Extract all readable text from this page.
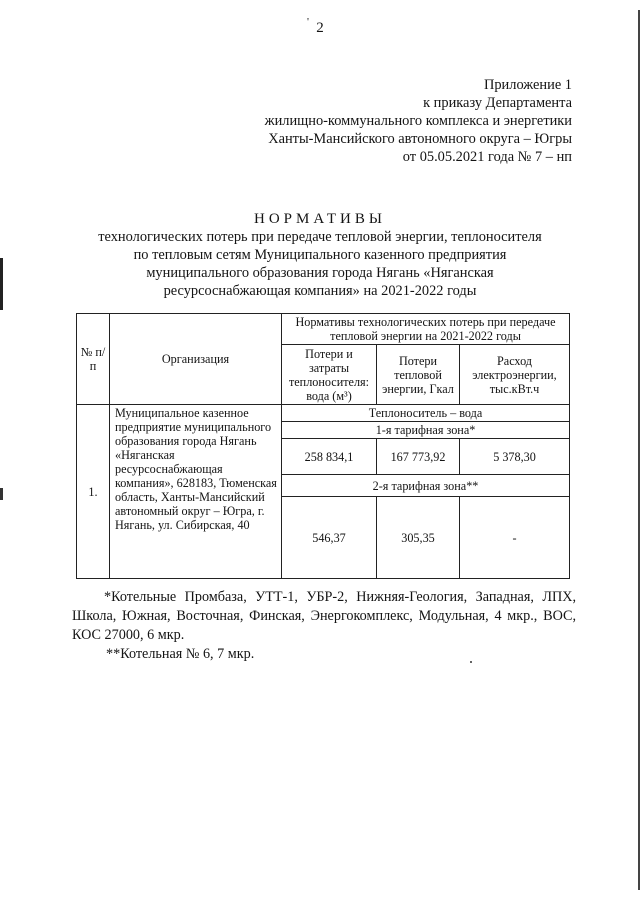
' 2
Приложение 1
к приказу Департамента
жилищно-коммунального комплекса и энергетики
Ханты-Мансийского автономного округа – Югры
от 05.05.2021 года № 7 – нп
НОРМАТИВЫ
технологических потерь при передаче тепловой энергии, теплоносителя
по тепловым сетям Муниципального казенного предприятия
муниципального образования города Нягань «Няганская
ресурсоснабжающая компания» на 2021-2022 годы
№ п/п	Организация	Нормативы технологических потерь при передаче тепловой энергии на 2021-2022 годы		
		Потери и затраты теплоносителя: вода (м³)	Потери тепловой энергии, Гкал	Расход электроэнергии, тыс.кВт.ч
1.	Муниципальное казенное предприятие муниципального образования города Нягань «Няганская ресурсоснабжающая компания», 628183, Тюменская область, Ханты-Мансийский автономный округ – Югра, г. Нягань, ул. Сибирская, 40	Теплоноситель – вода		
		1-я тарифная зона*		
		258 834,1	167 773,92	5 378,30
		2-я тарифная зона**		
		546,37	305,35	-

*Котельные Промбаза, УТТ-1, УБР-2, Нижняя-Геология, Западная, ЛПХ, Школа, Южная, Восточная, Финская, Энергокомплекс, Модульная, 4 мкр., ВОС, КОС 27000, 6 мкр.

**Котельная № 6, 7 мкр.
